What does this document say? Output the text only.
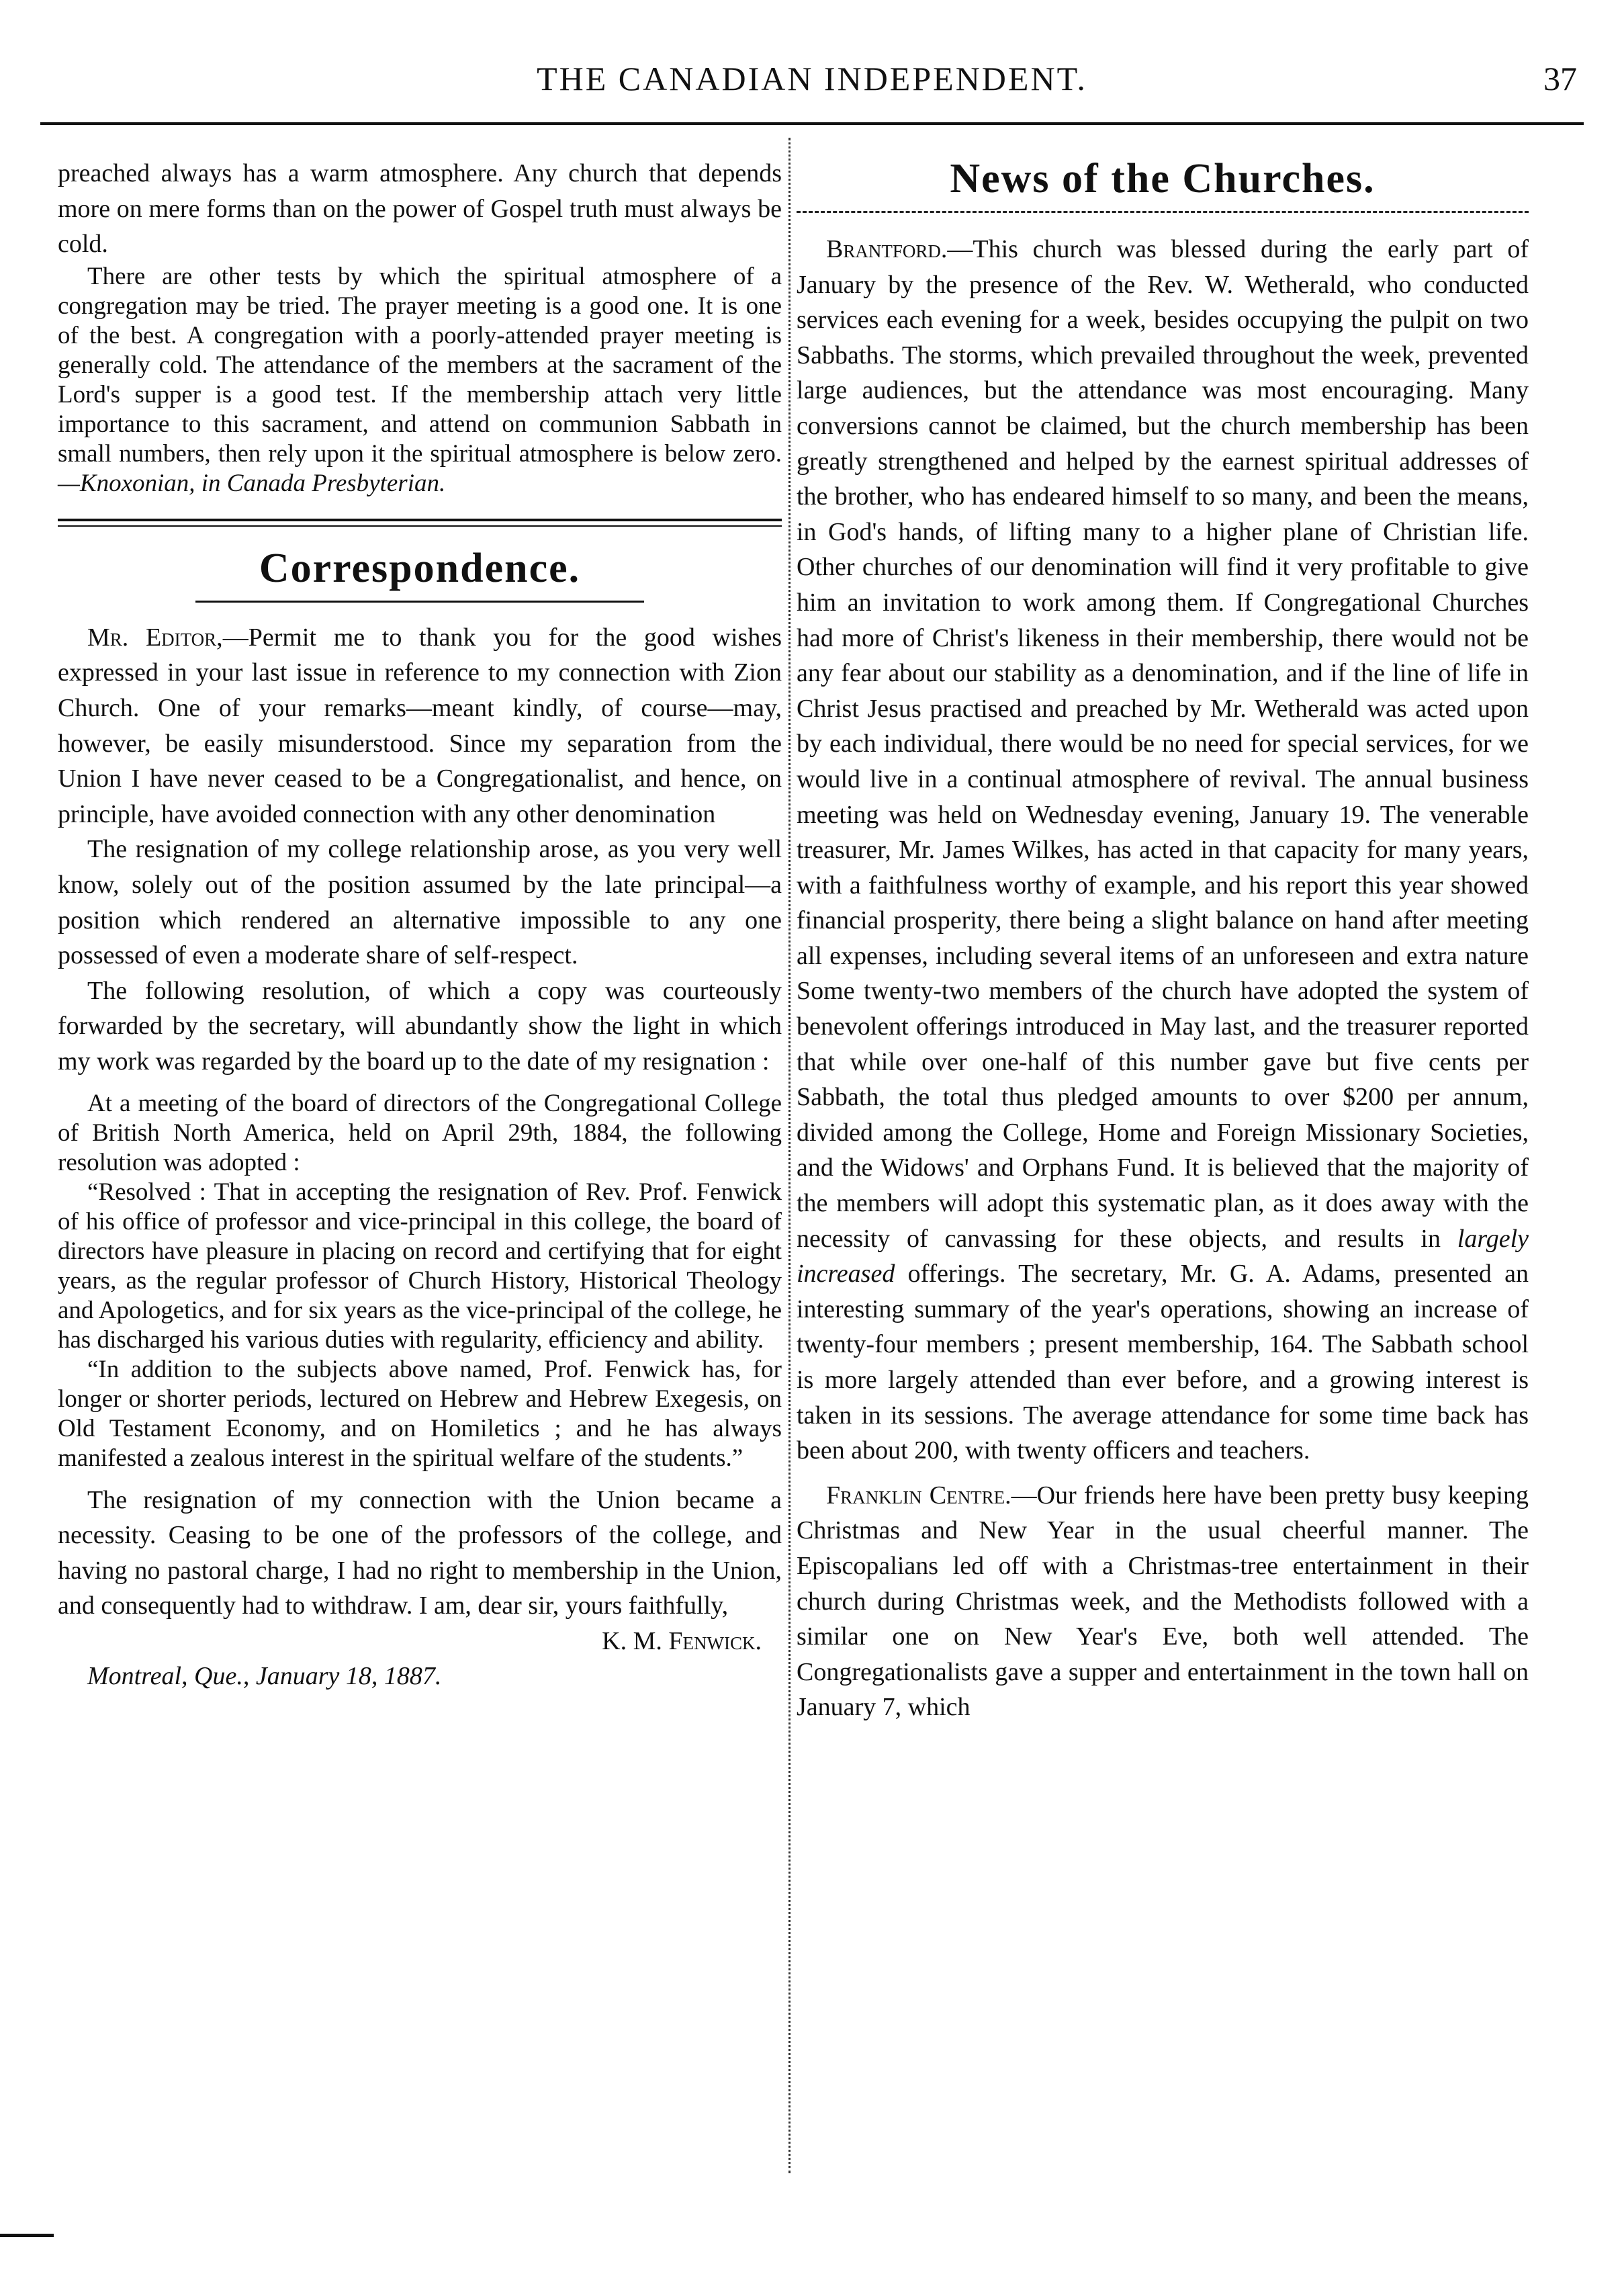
THE CANADIAN INDEPENDENT.	37

preached always has a warm atmosphere. Any church that depends more on mere forms than on the power of Gospel truth must always be cold.

There are other tests by which the spiritual atmosphere of a congregation may be tried. The prayer meeting is a good one. It is one of the best. A congregation with a poorly-attended prayer meeting is generally cold. The attendance of the members at the sacrament of the Lord's supper is a good test. If the membership attach very little importance to this sacrament, and attend on communion Sabbath in small numbers, then rely upon it the spiritual atmosphere is below zero.—Knoxonian, in Canada Presbyterian.

Correspondence.

Mr. Editor,—Permit me to thank you for the good wishes expressed in your last issue in reference to my connection with Zion Church. One of your remarks—meant kindly, of course—may, however, be easily misunderstood. Since my separation from the Union I have never ceased to be a Congregationalist, and hence, on principle, have avoided connection with any other denomination

The resignation of my college relationship arose, as you very well know, solely out of the position assumed by the late principal—a position which rendered an alternative impossible to any one possessed of even a moderate share of self-respect.

The following resolution, of which a copy was courteously forwarded by the secretary, will abundantly show the light in which my work was regarded by the board up to the date of my resignation :

At a meeting of the board of directors of the Congregational College of British North America, held on April 29th, 1884, the following resolution was adopted :

“Resolved : That in accepting the resignation of Rev. Prof. Fenwick of his office of professor and vice-principal in this college, the board of directors have pleasure in placing on record and certifying that for eight years, as the regular professor of Church History, Historical Theology and Apologetics, and for six years as the vice-principal of the college, he has discharged his various duties with regularity, efficiency and ability.

“In addition to the subjects above named, Prof. Fenwick has, for longer or shorter periods, lectured on Hebrew and Hebrew Exegesis, on Old Testament Economy, and on Homiletics ; and he has always manifested a zealous interest in the spiritual welfare of the students.”

The resignation of my connection with the Union became a necessity. Ceasing to be one of the professors of the college, and having no pastoral charge, I had no right to membership in the Union, and consequently had to withdraw. I am, dear sir, yours faithfully,

K. M. Fenwick.

Montreal, Que., January 18, 1887.

News of the Churches.

Brantford.—This church was blessed during the early part of January by the presence of the Rev. W. Wetherald, who conducted services each evening for a week, besides occupying the pulpit on two Sabbaths. The storms, which prevailed throughout the week, prevented large audiences, but the attendance was most encouraging. Many conversions cannot be claimed, but the church membership has been greatly strengthened and helped by the earnest spiritual addresses of the brother, who has endeared himself to so many, and been the means, in God's hands, of lifting many to a higher plane of Christian life. Other churches of our denomination will find it very profitable to give him an invitation to work among them. If Congregational Churches had more of Christ's likeness in their membership, there would not be any fear about our stability as a denomination, and if the line of life in Christ Jesus practised and preached by Mr. Wetherald was acted upon by each individual, there would be no need for special services, for we would live in a continual atmosphere of revival. The annual business meeting was held on Wednesday evening, January 19. The venerable treasurer, Mr. James Wilkes, has acted in that capacity for many years, with a faithfulness worthy of example, and his report this year showed financial prosperity, there being a slight balance on hand after meeting all expenses, including several items of an unforeseen and extra nature Some twenty-two members of the church have adopted the system of benevolent offerings introduced in May last, and the treasurer reported that while over one-half of this number gave but five cents per Sabbath, the total thus pledged amounts to over $200 per annum, divided among the College, Home and Foreign Missionary Societies, and the Widows' and Orphans Fund. It is believed that the majority of the members will adopt this systematic plan, as it does away with the necessity of canvassing for these objects, and results in largely increased offerings. The secretary, Mr. G. A. Adams, presented an interesting summary of the year's operations, showing an increase of twenty-four members ; present membership, 164. The Sabbath school is more largely attended than ever before, and a growing interest is taken in its sessions. The average attendance for some time back has been about 200, with twenty officers and teachers.

Franklin Centre.—Our friends here have been pretty busy keeping Christmas and New Year in the usual cheerful manner. The Episcopalians led off with a Christmas-tree entertainment in their church during Christmas week, and the Methodists followed with a similar one on New Year's Eve, both well attended. The Congregationalists gave a supper and entertainment in the town hall on January 7, which
